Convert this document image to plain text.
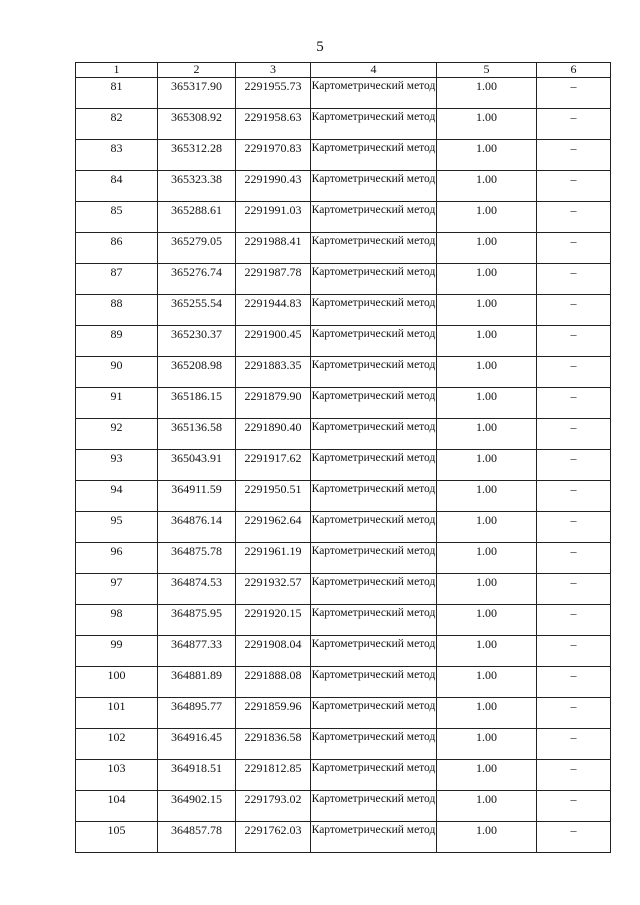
5
1	2	3	4	5	6
81	365317.90	2291955.73	Картометрический метод	1.00	–
82	365308.92	2291958.63	Картометрический метод	1.00	–
83	365312.28	2291970.83	Картометрический метод	1.00	–
84	365323.38	2291990.43	Картометрический метод	1.00	–
85	365288.61	2291991.03	Картометрический метод	1.00	–
86	365279.05	2291988.41	Картометрический метод	1.00	–
87	365276.74	2291987.78	Картометрический метод	1.00	–
88	365255.54	2291944.83	Картометрический метод	1.00	–
89	365230.37	2291900.45	Картометрический метод	1.00	–
90	365208.98	2291883.35	Картометрический метод	1.00	–
91	365186.15	2291879.90	Картометрический метод	1.00	–
92	365136.58	2291890.40	Картометрический метод	1.00	–
93	365043.91	2291917.62	Картометрический метод	1.00	–
94	364911.59	2291950.51	Картометрический метод	1.00	–
95	364876.14	2291962.64	Картометрический метод	1.00	–
96	364875.78	2291961.19	Картометрический метод	1.00	–
97	364874.53	2291932.57	Картометрический метод	1.00	–
98	364875.95	2291920.15	Картометрический метод	1.00	–
99	364877.33	2291908.04	Картометрический метод	1.00	–
100	364881.89	2291888.08	Картометрический метод	1.00	–
101	364895.77	2291859.96	Картометрический метод	1.00	–
102	364916.45	2291836.58	Картометрический метод	1.00	–
103	364918.51	2291812.85	Картометрический метод	1.00	–
104	364902.15	2291793.02	Картометрический метод	1.00	–
105	364857.78	2291762.03	Картометрический метод	1.00	–
